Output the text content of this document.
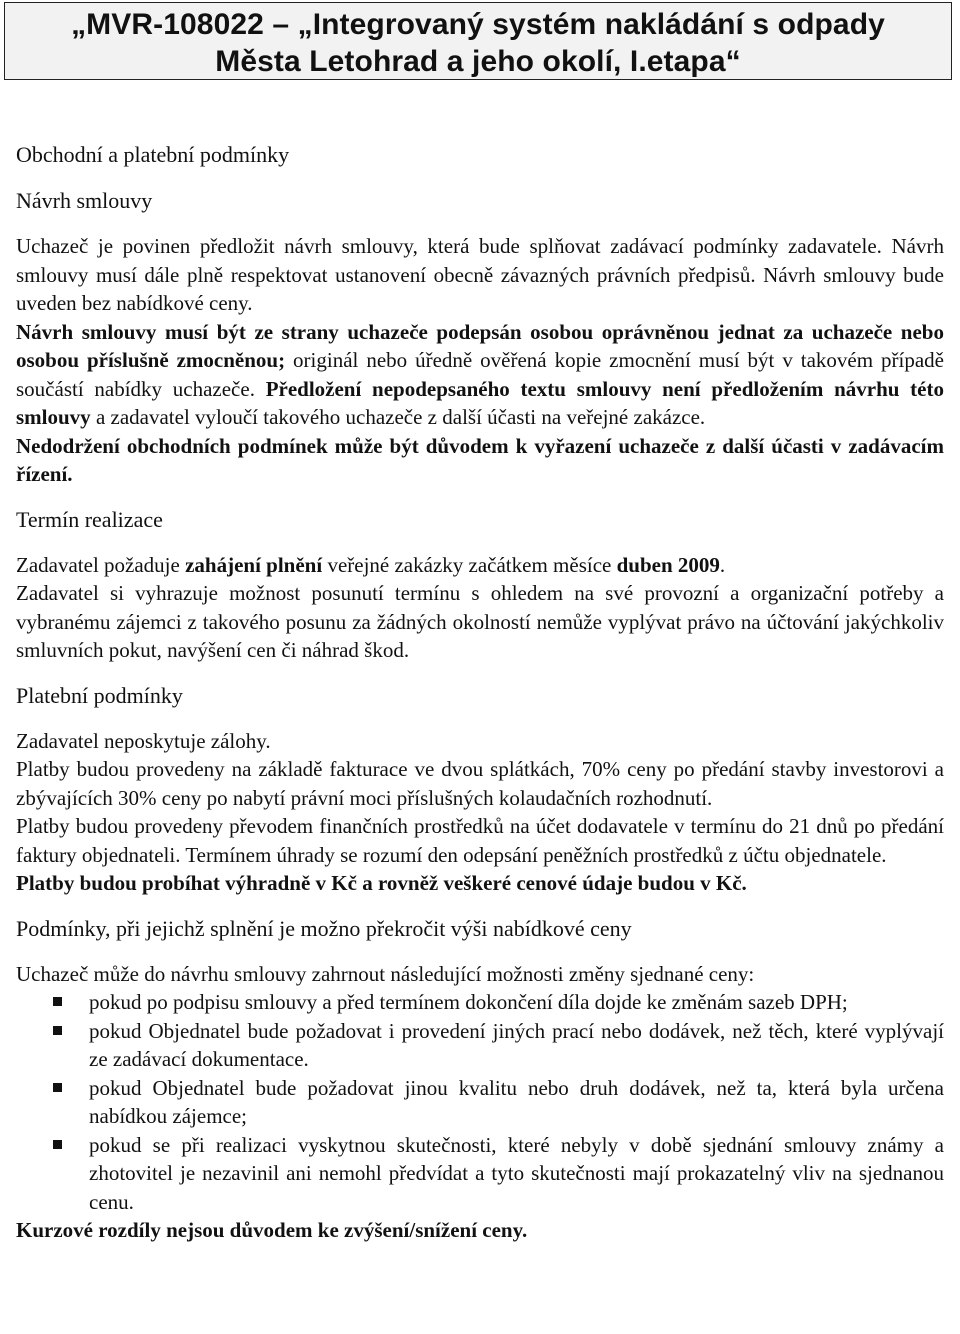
„MVR-108022 – „Integrovaný systém nakládání s odpady
Města Letohrad a jeho okolí, I.etapa“
Obchodní a platební podmínky
Návrh smlouvy

Uchazeč je povinen předložit návrh smlouvy, která bude splňovat zadávací podmínky zadavatele. Návrh smlouvy musí dále plně respektovat ustanovení obecně závazných právních předpisů. Návrh smlouvy bude uveden bez nabídkové ceny.

Návrh smlouvy musí být ze strany uchazeče podepsán osobou oprávněnou jednat za uchazeče nebo osobou příslušně zmocněnou; originál nebo úředně ověřená kopie zmocnění musí být v takovém případě součástí nabídky uchazeče. Předložení nepodepsaného textu smlouvy není předložením návrhu této smlouvy a zadavatel vyloučí takového uchazeče z další účasti na veřejné zakázce.

Nedodržení obchodních podmínek může být důvodem k vyřazení uchazeče z další účasti v zadávacím řízení.

Termín realizace

Zadavatel požaduje zahájení plnění veřejné zakázky začátkem měsíce duben 2009.

Zadavatel si vyhrazuje možnost posunutí termínu s ohledem na své provozní a organizační potřeby a vybranému zájemci z takového posunu za žádných okolností nemůže vyplývat právo na účtování jakýchkoliv smluvních pokut, navýšení cen či náhrad škod.

Platební podmínky

Zadavatel neposkytuje zálohy.

Platby budou provedeny na základě fakturace ve dvou splátkách, 70% ceny po předání stavby investorovi a zbývajících 30% ceny po nabytí právní moci příslušných kolaudačních rozhodnutí.

Platby budou provedeny převodem finančních prostředků na účet dodavatele v termínu do 21 dnů po předání faktury objednateli. Termínem úhrady se rozumí den odepsání peněžních prostředků z účtu objednatele.

Platby budou probíhat výhradně v Kč a rovněž veškeré cenové údaje budou v Kč.

Podmínky, při jejichž splnění je možno překročit výši nabídkové ceny

Uchazeč může do návrhu smlouvy zahrnout následující možnosti změny sjednané ceny:

pokud po podpisu smlouvy a před termínem dokončení díla dojde ke změnám sazeb DPH;
pokud Objednatel bude požadovat i provedení jiných prací nebo dodávek, než těch, které vyplývají ze zadávací dokumentace.
pokud Objednatel bude požadovat jinou kvalitu nebo druh dodávek, než ta, která byla určena nabídkou zájemce;
pokud se při realizaci vyskytnou skutečnosti, které nebyly v době sjednání smlouvy známy a zhotovitel je nezavinil ani nemohl předvídat a tyto skutečnosti mají prokazatelný vliv na sjednanou cenu.

Kurzové rozdíly nejsou důvodem ke zvýšení/snížení ceny.
